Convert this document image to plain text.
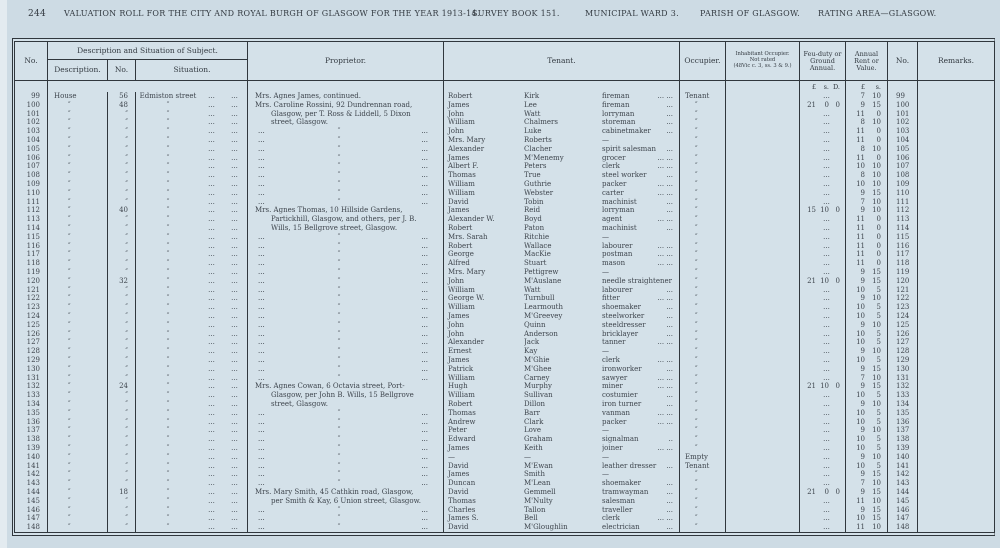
244 VALUATION ROLL FOR THE CITY AND ROYAL BURGH OF GLASGOW FOR THE YEAR 1913-14.
SURVEY BOOK 151.	MUNICIPAL WARD 3.	PARISH OF GLASGOW. RATING AREA—GLASGOW.
No.
Description and Situation of Subject.
Description.	No.	Situation.
Proprietor.	Tenant.	Occupier.
Inhabitant Occupier.
Not rated
(48Vic c. 3, ss. 3 & 9.)
Feu-duty or Ground Annual.
Annual Rent or Value.
No.	Remarks.
£	s. D.	£	s.
99	House	56	Edmiston street	...	...	Mrs. Agnes James, continued.	Robert	Kirk	fireman	... ...	Tenant	...	7	10	99
100	″	48	″	...	...	Mrs. Caroline Rossini, 92 Dundrennan road,	James	Lee	fireman	...	″	21	0 0	9	15	100
101	″	″	″	...	...	Glasgow, per T. Ross & Liddell, 5 Dixon	John	Watt	lorryman	...	″	...	11	0	101
102	″	″	″	...	...	street, Glasgow.	William	Chalmers	storeman	...	″	...	8	10	102
103	″	″	″	...	...	...	″	...	John	Luke	cabinetmaker ...	″	...	11	0	103
104	″	″	″	...	...	...	″	...	Mrs. Mary	Roberts	—	″	...	11	0	104
105	″	″	″	...	...	...	″	...	Alexander	Clacher	spirit salesman ...	″	...	8	10	105
106	″	″	″	...	...	...	″	...	James	M'Menemy	grocer	... ...	″	...	11	0	106
107	″	″	″	...	...	...	″	...	Albert F.	Peters	clerk	... ...	″	...	10	10	107
108	″	″	″	...	...	...	″	...	Thomas	True	steel worker	...	″	...	8	10	108
109	″	″	″	...	...	...	″	...	William	Guthrie	packer	... ...	″	...	10	10	109
110	″	″	″	...	...	...	″	...	William	Webster	carter	... ...	″	...	9	15	110
111	″	″	″	...	...	...	″	...	David	Tobin	machinist	...	″	...	7	10	111
112	″	40	″	...	...	Mrs. Agnes Thomas, 10 Hillside Gardens,	James	Reid	lorryman	...	″	15 10 0	9	10	112
113	″	″	″	...	...	Partickhill, Glasgow, and others, per J. B.	Alexander W.	Boyd	agent	... ...	″	...	11	0	113
114	″	″	″	...	...	Wills, 15 Bellgrove street, Glasgow.	Robert	Paton	machinist	...	″	...	11	0	114
115	″	″	″	...	...	...	″	...	Mrs. Sarah	Ritchie	—	″	...	11	0	115
116	″	″	″	...	...	...	″	...	Robert	Wallace	labourer	... ...	″	...	11	0	116
117	″	″	″	...	...	...	″	...	George	MacKie	postman	... ...	″	...	11	0	117
118	″	″	″	...	...	...	″	...	Alfred	Stuart	mason	... ...	″	...	11	0	118
119	″	″	″	...	...	...	″	...	Mrs. Mary	Pettigrew	—	″	...	9	15	119
120	″	32	″	...	...	...	″	...	John	M'Auslane	needle straightener	″	21 10 0	9	15	120
121	″	″	″	...	...	...	″	...	William	Watt	labourer	...	″	...	10	5	121
122	″	″	″	...	...	...	″	...	George W.	Turnbull	fitter	... ...	″	...	9	10	122
123	″	″	″	...	...	...	″	...	William	Learmouth	shoemaker	...	″	...	10	5	123
124	″	″	″	...	...	...	″	...	James	M'Greevey	steelworker	...	″	...	10	5	124
125	″	″	″	...	...	...	″	...	John	Quinn	steeldresser	...	″	...	9	10	125
126	″	″	″	...	...	...	″	...	John	Anderson	bricklayer	...	″	...	10	5	126
127	″	″	″	...	...	...	″	...	Alexander	Jack	tanner	... ...	″	...	10	5	127
128	″	″	″	...	...	...	″	...	Ernest	Kay	—	″	...	9	10	128
129	″	″	″	...	...	...	″	...	James	M'Ghie	clerk	... ...	″	...	10	5	129
130	″	″	″	...	...	...	″	...	Patrick	M'Ghee	ironworker	...	″	...	9	15	130
131	″	″	″	...	...	...	″	...	William	Carney	sawyer	... ...	″	...	7	10	131
132	″	24	″	...	...	Mrs. Agnes Cowan, 6 Octavia street, Port-	Hugh	Murphy	miner	... ...	″	21 10 0	9	15	132
133	″	″	″	...	...	Glasgow, per John B. Wills, 15 Bellgrove	William	Sullivan	costumier	...	″	...	10	5	133
134	″	″	″	...	...	street, Glasgow.	Robert	Dillon	iron turner	...	″	...	9	10	134
135	″	″	″	...	...	...	″	...	Thomas	Barr	vanman	... ...	″	...	10	5	135
136	″	″	″	...	...	...	″	...	Andrew	Clark	packer	... ...	″	...	10	5	136
137	″	″	″	...	...	...	″	...	Peter	Love	—	″	...	9	10	137
138	″	″	″	...	...	...	″	...	Edward	Graham	signalman	..	″	...	10	5	138
139	″	″	″	...	...	...	″	...	James	Keith	joiner	... ...	″	...	10	5	139
140	″	″	″	...	...	...	″	...	—	—	—	Empty	...	9	10	140
141	″	″	″	...	...	...	″	...	David	M'Ewan	leather dresser ...	Tenant	...	10	5	141
142	″	″	″	...	...	...	″	...	James	Smith	—	″	...	9	15	142
143	″	″	″	...	...	...	″	...	Duncan	M'Lean	shoemaker	...	″	...	7	10	143
144	″	18	″	...	...	Mrs. Mary Smith, 45 Cathkin road, Glasgow,	David	Gemmell	tramwayman	...	″	21	0 0	9	15	144
145	″	″	″	...	...	per Smith & Kay, 6 Union street, Glasgow.	Thomas	M'Nulty	salesman	...	″	...	11	10	145
146	″	″	″	...	...	...	″	...	Charles	Tallon	traveller	...	″	...	9	15	146
147	″	″	″	...	...	...	″	...	James S.	Bell	clerk	... ...	″	...	10	15	147
148	″	″	″	...	...	...	″	...	David	M'Gloughlin	electrician	...	″	...	11	10	148
